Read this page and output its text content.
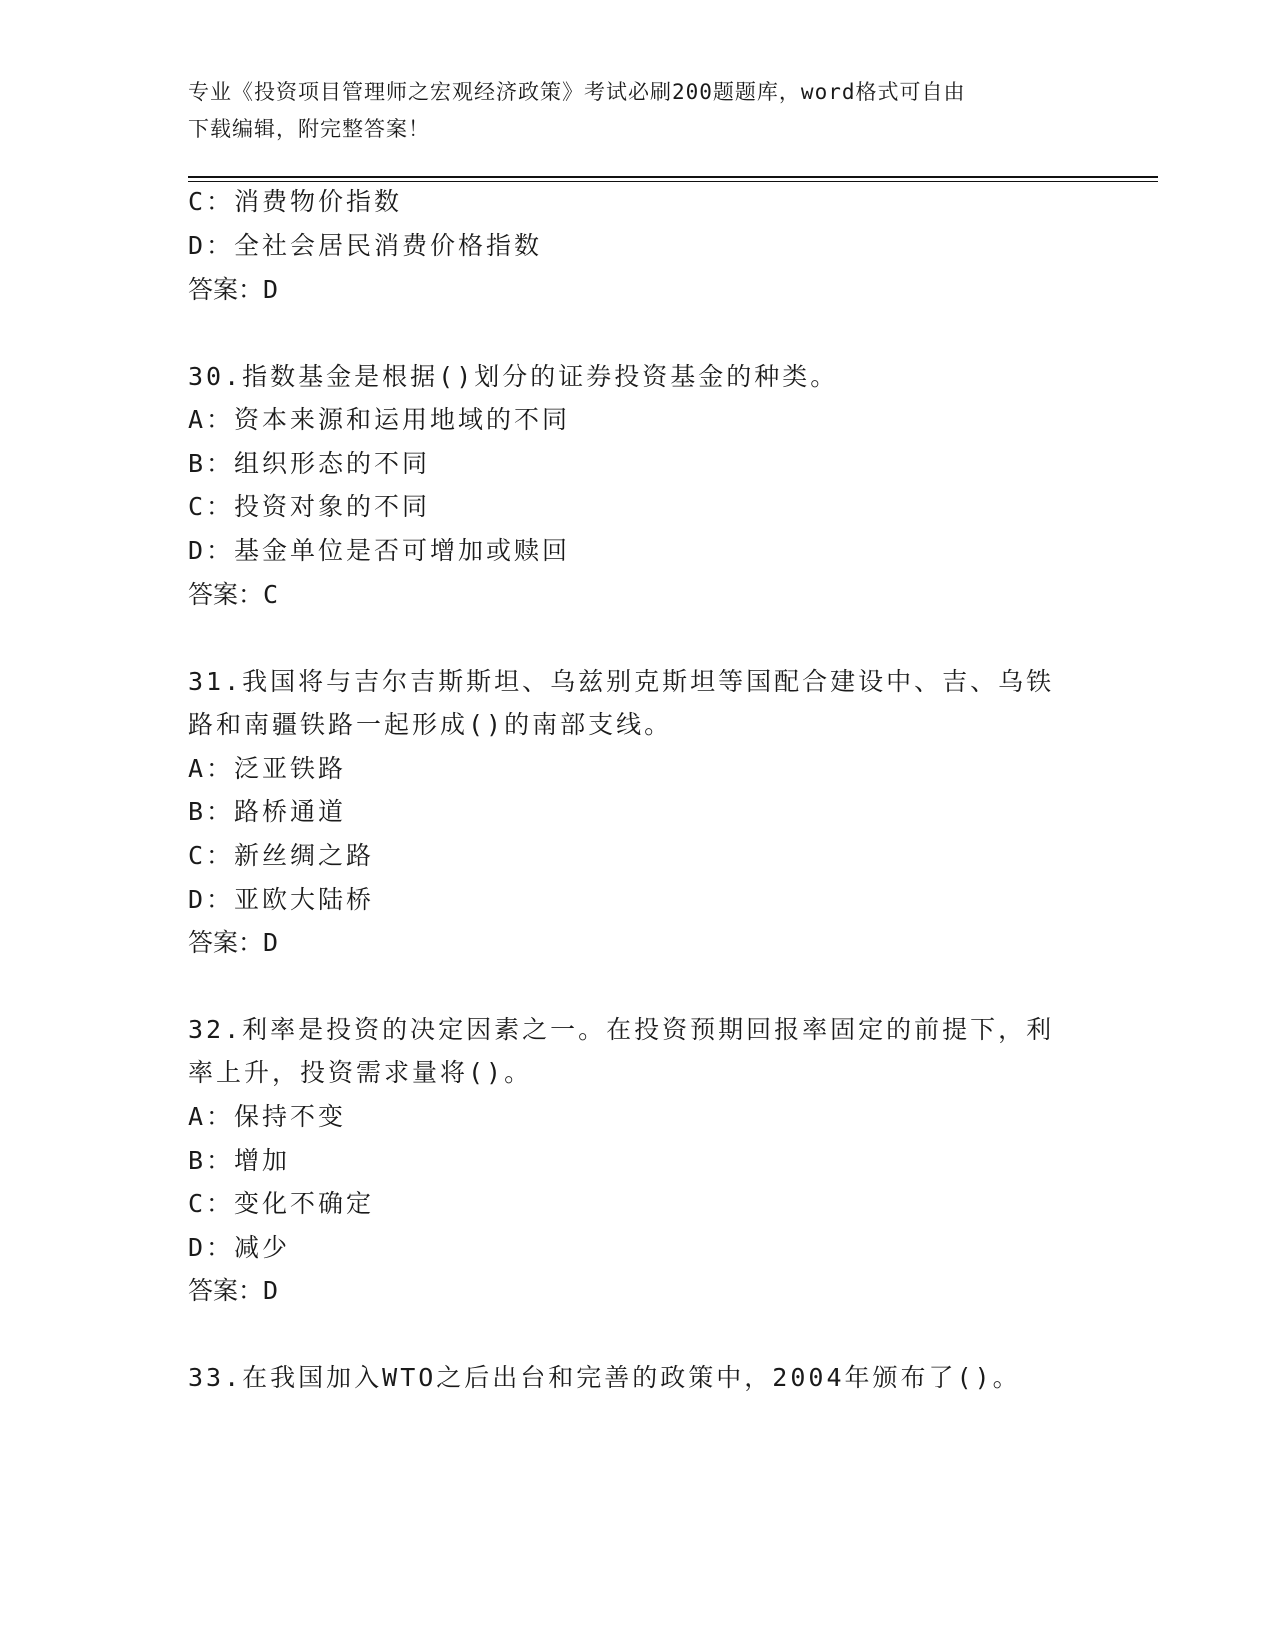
专业《投资项目管理师之宏观经济政策》考试必刷200题题库，word格式可自由
下载编辑，附完整答案！
C：消费物价指数
D：全社会居民消费价格指数
答案：D
30.指数基金是根据()划分的证券投资基金的种类。
A：资本来源和运用地域的不同
B：组织形态的不同
C：投资对象的不同
D：基金单位是否可增加或赎回
答案：C
31.我国将与吉尔吉斯斯坦、乌兹别克斯坦等国配合建设中、吉、乌铁
路和南疆铁路一起形成()的南部支线。
A：泛亚铁路
B：路桥通道
C：新丝绸之路
D：亚欧大陆桥
答案：D
32.利率是投资的决定因素之一。在投资预期回报率固定的前提下，利
率上升，投资需求量将()。
A：保持不变
B：增加
C：变化不确定
D：减少
答案：D
33.在我国加入WTO之后出台和完善的政策中，2004年颁布了()。
